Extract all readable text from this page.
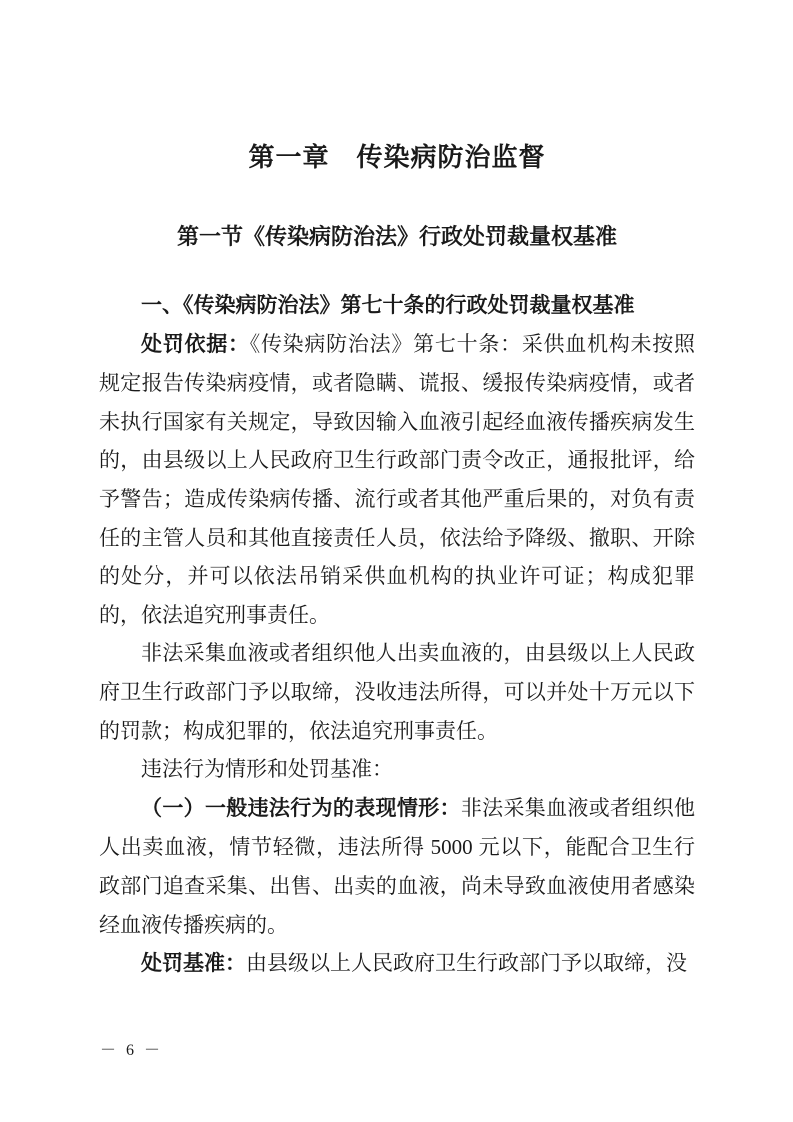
第一章　传染病防治监督
第一节《传染病防治法》行政处罚裁量权基准

一、《传染病防治法》第七十条的行政处罚裁量权基准

处罚依据：《传染病防治法》第七十条：采供血机构未按照规定报告传染病疫情，或者隐瞒、谎报、缓报传染病疫情，或者未执行国家有关规定，导致因输入血液引起经血液传播疾病发生的，由县级以上人民政府卫生行政部门责令改正，通报批评，给予警告；造成传染病传播、流行或者其他严重后果的，对负有责任的主管人员和其他直接责任人员，依法给予降级、撤职、开除的处分，并可以依法吊销采供血机构的执业许可证；构成犯罪的，依法追究刑事责任。

非法采集血液或者组织他人出卖血液的，由县级以上人民政府卫生行政部门予以取缔，没收违法所得，可以并处十万元以下的罚款；构成犯罪的，依法追究刑事责任。

违法行为情形和处罚基准：

（一）一般违法行为的表现情形：非法采集血液或者组织他人出卖血液，情节轻微，违法所得 5000 元以下，能配合卫生行政部门追查采集、出售、出卖的血液，尚未导致血液使用者感染经血液传播疾病的。

处罚基准：由县级以上人民政府卫生行政部门予以取缔，没

－ 6 －
